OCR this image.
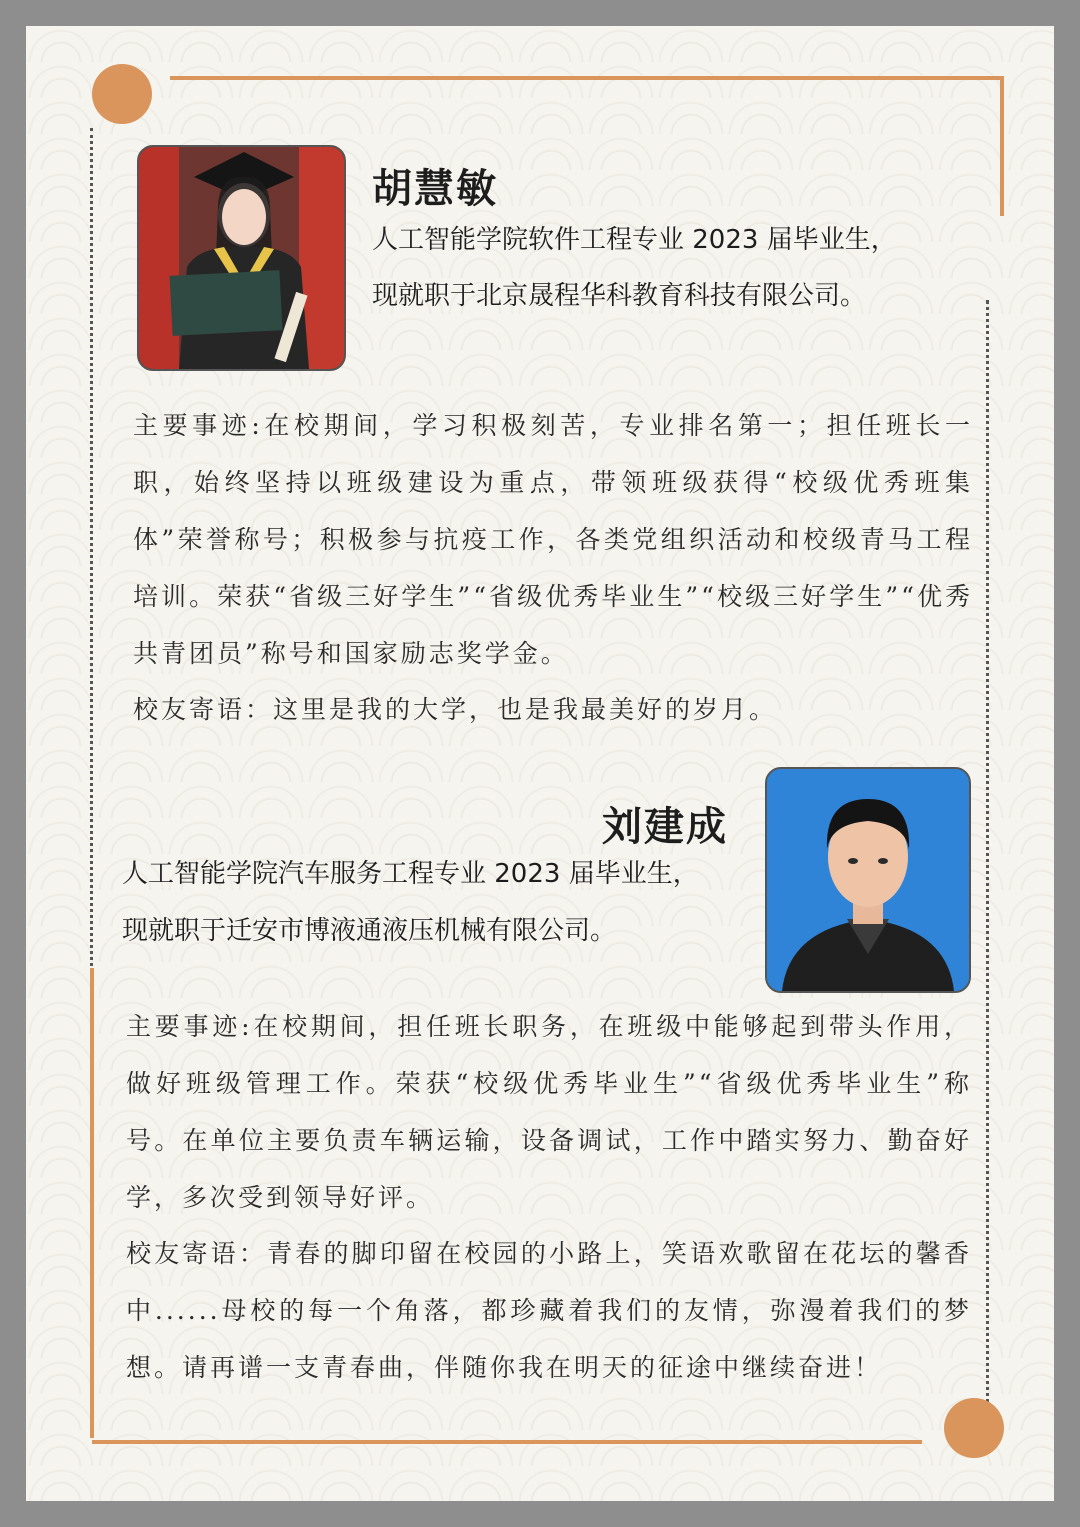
胡慧敏
人工智能学院软件工程专业 2023 届毕业生，
现就职于北京晟程华科教育科技有限公司。
主要事迹:在校期间，学习积极刻苦，专业排名第一；担任班长一职，始终坚持以班级建设为重点，带领班级获得“校级优秀班集体”荣誉称号；积极参与抗疫工作，各类党组织活动和校级青马工程培训。荣获“省级三好学生”“省级优秀毕业生”“校级三好学生”“优秀共青团员”称号和国家励志奖学金。
校友寄语：这里是我的大学，也是我最美好的岁月。
刘建成
人工智能学院汽车服务工程专业 2023 届毕业生，
现就职于迁安市博液通液压机械有限公司。
主要事迹:在校期间，担任班长职务，在班级中能够起到带头作用，做好班级管理工作。荣获“校级优秀毕业生”“省级优秀毕业生”称号。在单位主要负责车辆运输，设备调试，工作中踏实努力、勤奋好学，多次受到领导好评。
校友寄语：青春的脚印留在校园的小路上，笑语欢歌留在花坛的馨香中......母校的每一个角落，都珍藏着我们的友情，弥漫着我们的梦想。请再谱一支青春曲，伴随你我在明天的征途中继续奋进！
